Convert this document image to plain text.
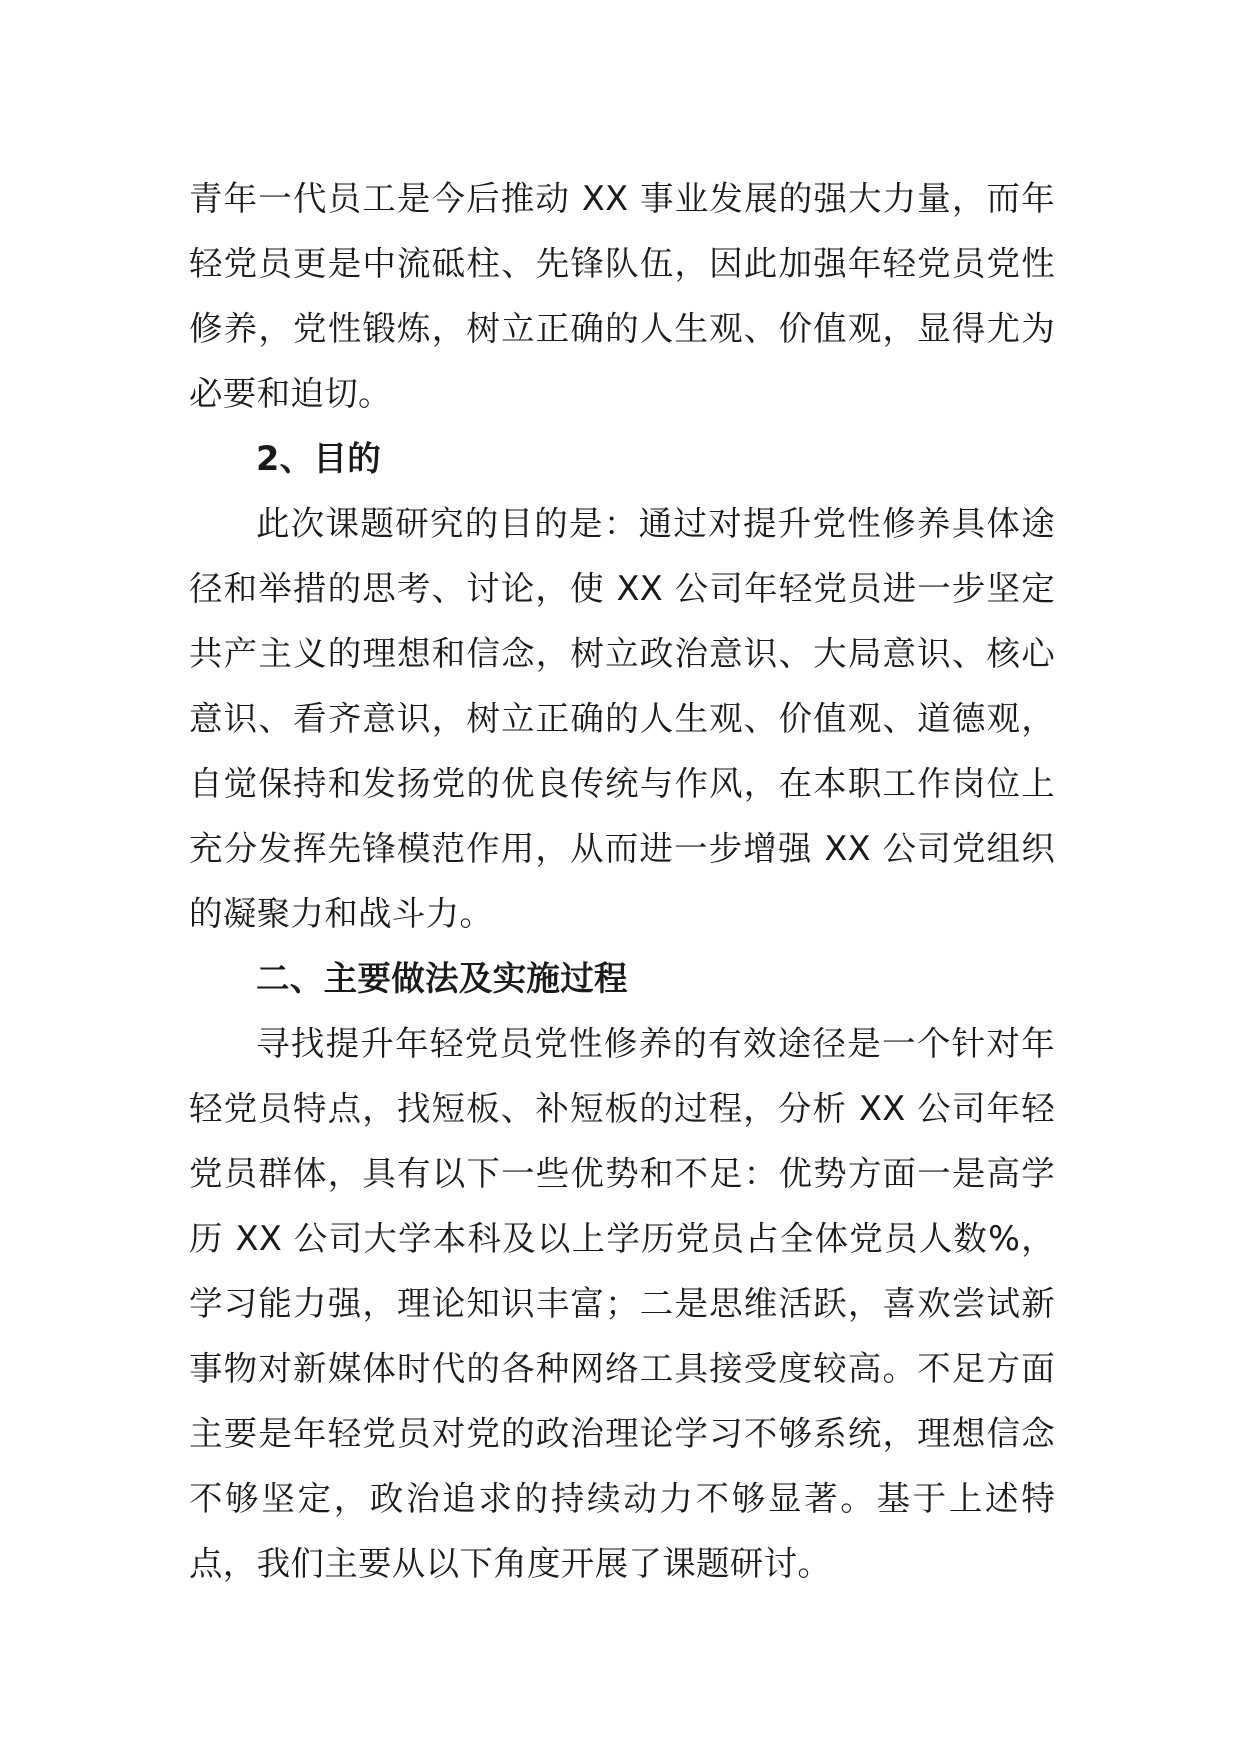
青年一代员工是今后推动 XX 事业发展的强大力量，而年轻党员更是中流砥柱、先锋队伍，因此加强年轻党员党性修养，党性锻炼，树立正确的人生观、价值观，显得尤为必要和迫切。

2、目的

此次课题研究的目的是：通过对提升党性修养具体途径和举措的思考、讨论，使 XX 公司年轻党员进一步坚定共产主义的理想和信念，树立政治意识、大局意识、核心意识、看齐意识，树立正确的人生观、价值观、道德观，自觉保持和发扬党的优良传统与作风，在本职工作岗位上充分发挥先锋模范作用，从而进一步增强 XX 公司党组织的凝聚力和战斗力。

二、主要做法及实施过程

寻找提升年轻党员党性修养的有效途径是一个针对年轻党员特点，找短板、补短板的过程，分析 XX 公司年轻党员群体，具有以下一些优势和不足：优势方面一是高学历 XX 公司大学本科及以上学历党员占全体党员人数%，学习能力强，理论知识丰富；二是思维活跃，喜欢尝试新事物对新媒体时代的各种网络工具接受度较高。不足方面主要是年轻党员对党的政治理论学习不够系统，理想信念不够坚定，政治追求的持续动力不够显著。基于上述特点，我们主要从以下角度开展了课题研讨。
